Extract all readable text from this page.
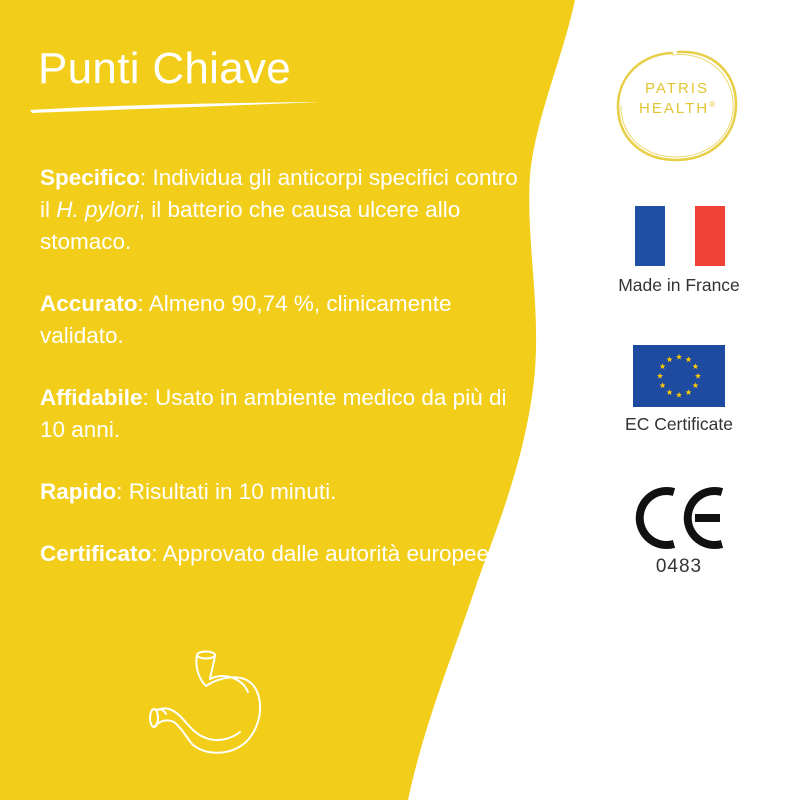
Punti Chiave

Specifico: Individua gli anticorpi specifici contro il H. pylori, il batterio che causa ulcere allo stomaco.

Accurato: Almeno 90,74 %, clinicamente validato.

Affidabile: Usato in ambiente medico da più di 10 anni.

Rapido: Risultati in 10 minuti.

Certificato: Approvato dalle autorità europee.

PATRIS
HEALTH®
Made in France
EC Certificate
0483
